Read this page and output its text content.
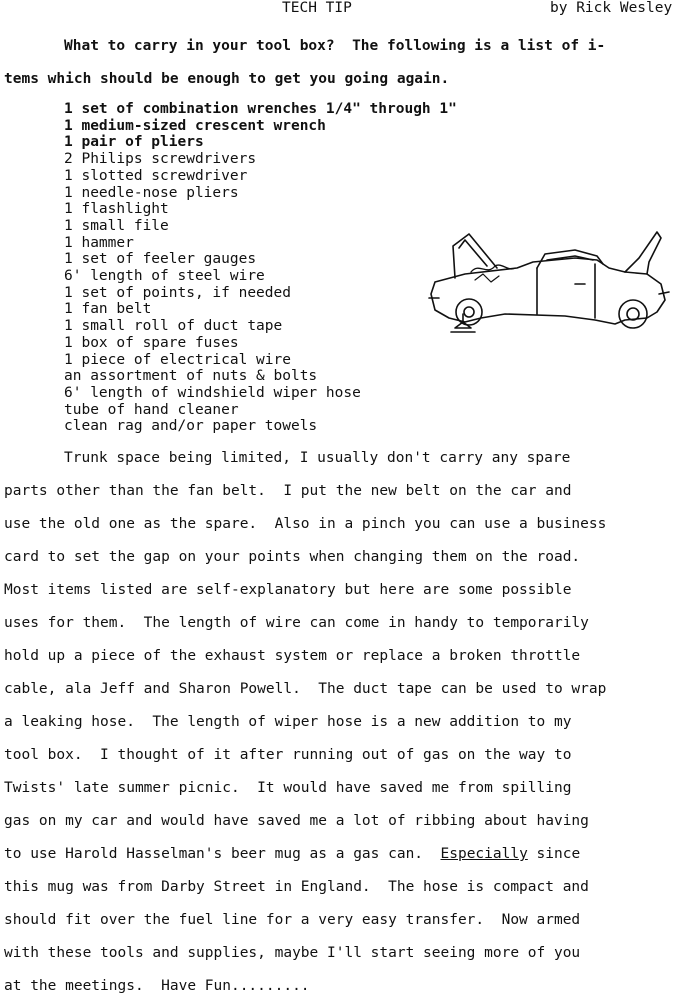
TECH TIP	by Rick Wesley
What to carry in your tool box?  The following is a list of i-
tems which should be enough to get you going again.
1 set of combination wrenches 1/4" through 1"
1 medium-sized crescent wrench
1 pair of pliers
2 Philips screwdrivers
1 slotted screwdriver
1 needle-nose pliers
1 flashlight
1 small file
1 hammer
1 set of feeler gauges
6' length of steel wire
1 set of points, if needed
1 fan belt
1 small roll of duct tape
1 box of spare fuses
1 piece of electrical wire
an assortment of nuts & bolts
6' length of windshield wiper hose
tube of hand cleaner
clean rag and/or paper towels
Trunk space being limited, I usually don't carry any spare
parts other than the fan belt.  I put the new belt on the car and
use the old one as the spare.  Also in a pinch you can use a business
card to set the gap on your points when changing them on the road.
Most items listed are self-explanatory but here are some possible
uses for them.  The length of wire can come in handy to temporarily
hold up a piece of the exhaust system or replace a broken throttle
cable, ala Jeff and Sharon Powell.  The duct tape can be used to wrap
a leaking hose.  The length of wiper hose is a new addition to my
tool box.  I thought of it after running out of gas on the way to
Twists' late summer picnic.  It would have saved me from spilling
gas on my car and would have saved me a lot of ribbing about having
to use Harold Hasselman's beer mug as a gas can. Especially since
this mug was from Darby Street in England.  The hose is compact and
should fit over the fuel line for a very easy transfer.  Now armed
with these tools and supplies, maybe I'll start seeing more of you
at the meetings.  Have Fun.........
